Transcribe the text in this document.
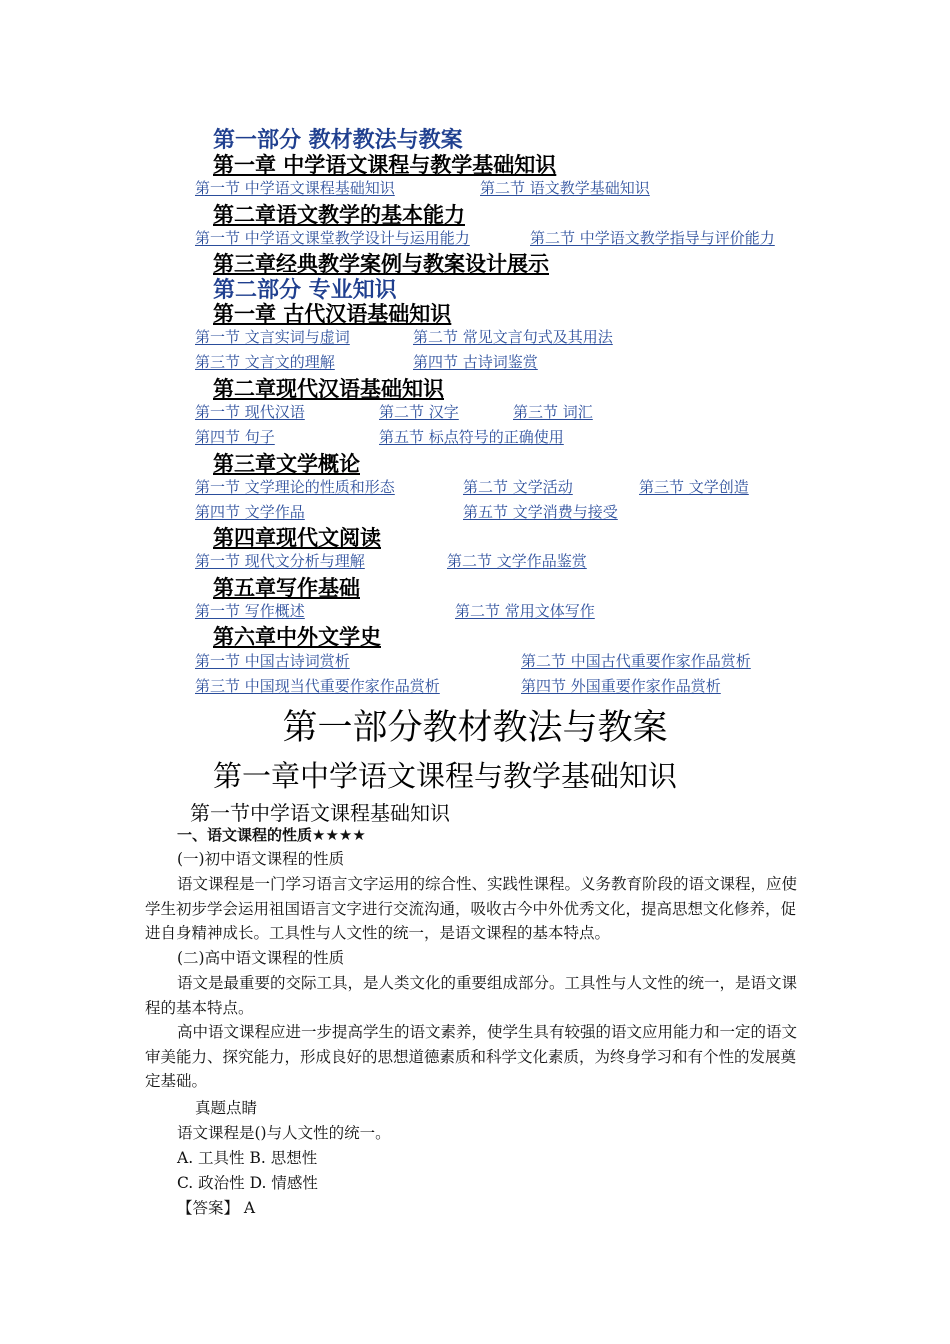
第一部分 教材教法与教案
第一章 中学语文课程与教学基础知识
第一节 中学语文课程基础知识	第二节 语文教学基础知识
第二章语文教学的基本能力
第一节 中学语文课堂教学设计与运用能力	第二节 中学语文教学指导与评价能力
第三章经典教学案例与教案设计展示
第二部分 专业知识
第一章 古代汉语基础知识
第一节 文言实词与虚词	第二节 常见文言句式及其用法
第三节 文言文的理解	第四节 古诗词鉴赏
第二章现代汉语基础知识
第一节 现代汉语	第二节 汉字	第三节 词汇
第四节 句子	第五节 标点符号的正确使用
第三章文学概论
第一节 文学理论的性质和形态	第二节 文学活动	第三节 文学创造
第四节 文学作品	第五节 文学消费与接受
第四章现代文阅读
第一节 现代文分析与理解	第二节 文学作品鉴赏
第五章写作基础
第一节 写作概述	第二节 常用文体写作
第六章中外文学史
第一节 中国古诗词赏析	第二节 中国古代重要作家作品赏析
第三节 中国现当代重要作家作品赏析	第四节 外国重要作家作品赏析
第一部分教材教法与教案
第一章中学语文课程与教学基础知识
第一节中学语文课程基础知识
一、语文课程的性质★★★★
(一)初中语文课程的性质
语文课程是一门学习语言文字运用的综合性、实践性课程。义务教育阶段的语文课程，应使学生初步学会运用祖国语言文字进行交流沟通，吸收古今中外优秀文化，提高思想文化修养，促进自身精神成长。工具性与人文性的统一，是语文课程的基本特点。
(二)高中语文课程的性质
语文是最重要的交际工具，是人类文化的重要组成部分。工具性与人文性的统一，是语文课程的基本特点。
高中语文课程应进一步提高学生的语文素养，使学生具有较强的语文应用能力和一定的语文审美能力、探究能力，形成良好的思想道德素质和科学文化素质，为终身学习和有个性的发展奠定基础。
真题点睛
语文课程是()与人文性的统一。
A. 工具性 B. 思想性
C. 政治性 D. 情感性
【答案】 A
